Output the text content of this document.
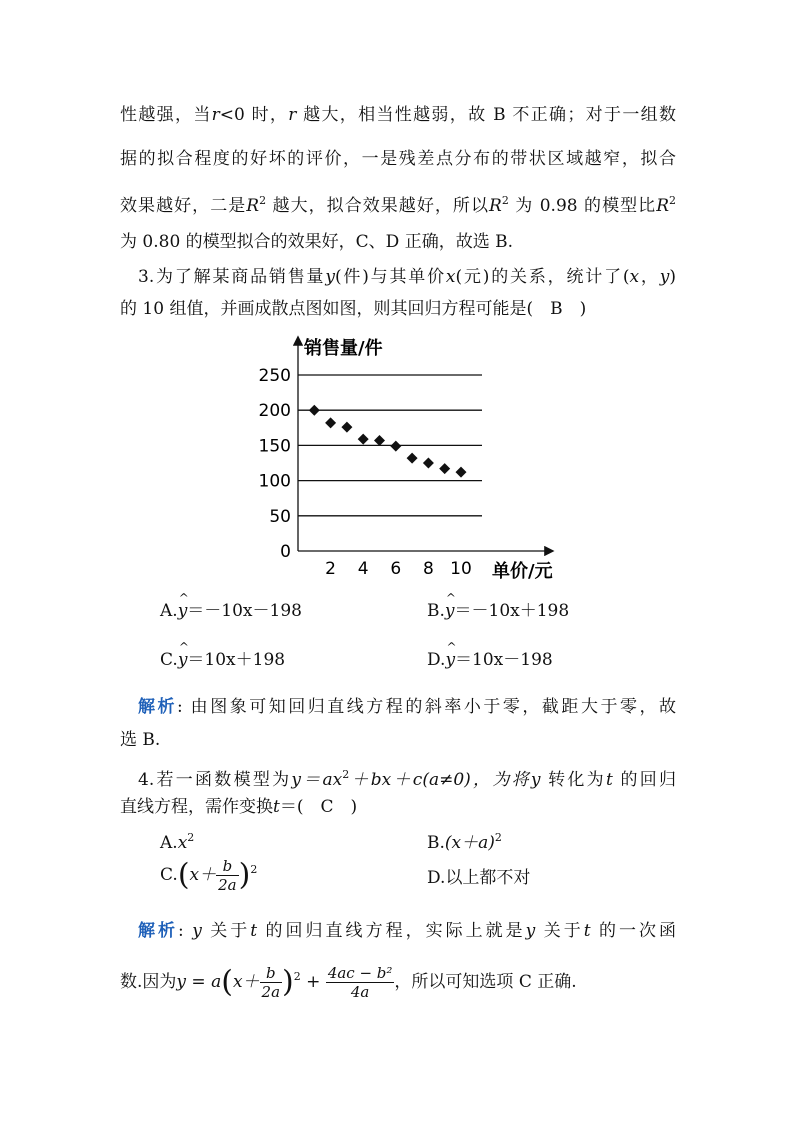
性越强，当r<0 时，r 越大，相当性越弱，故 B 不正确；对于一组数
据的拟合程度的好坏的评价，一是残差点分布的带状区域越窄，拟合
效果越好，二是$R^2$ 越大，拟合效果越好，所以$R^2$ 为 0.98 的模型比$R^2$
为 0.80 的模型拟合的效果好，C、D 正确，故选 B.
3.为了解某商品销售量y(件)与其单价x(元)的关系，统计了(x，y)
的 10 组值，并画成散点图如图，则其回归方程可能是(　B　)
销售量/件
单价/元
0
50
100
150
200
250
2 4 6 8 10
A.^ y＝－10x－198	B.^ y＝－10x＋198
C.^ y＝10x＋198	D.^ y＝10x－198
解析: 由图象可知回归直线方程的斜率小于零，截距大于零，故
选 B.
4.若一函数模型为$y=ax^2+bx+c(a\ne 0)$，为将y 转化为t 的回归
直线方程，需作变换t＝(　C　)
$A.x^2$	$B.(x+a)^2$
$C.(x+ \frac{b}{2a} )^2$	D.以上都不对
解析: y 关于t 的回归直线方程，实际上就是y 关于t 的一次函
数.因为$y = a(x+ \frac{b}{2a} )^2 + \frac{\text{4ac − b²}}{4a}$ ，所以可知选项 C 正确.
